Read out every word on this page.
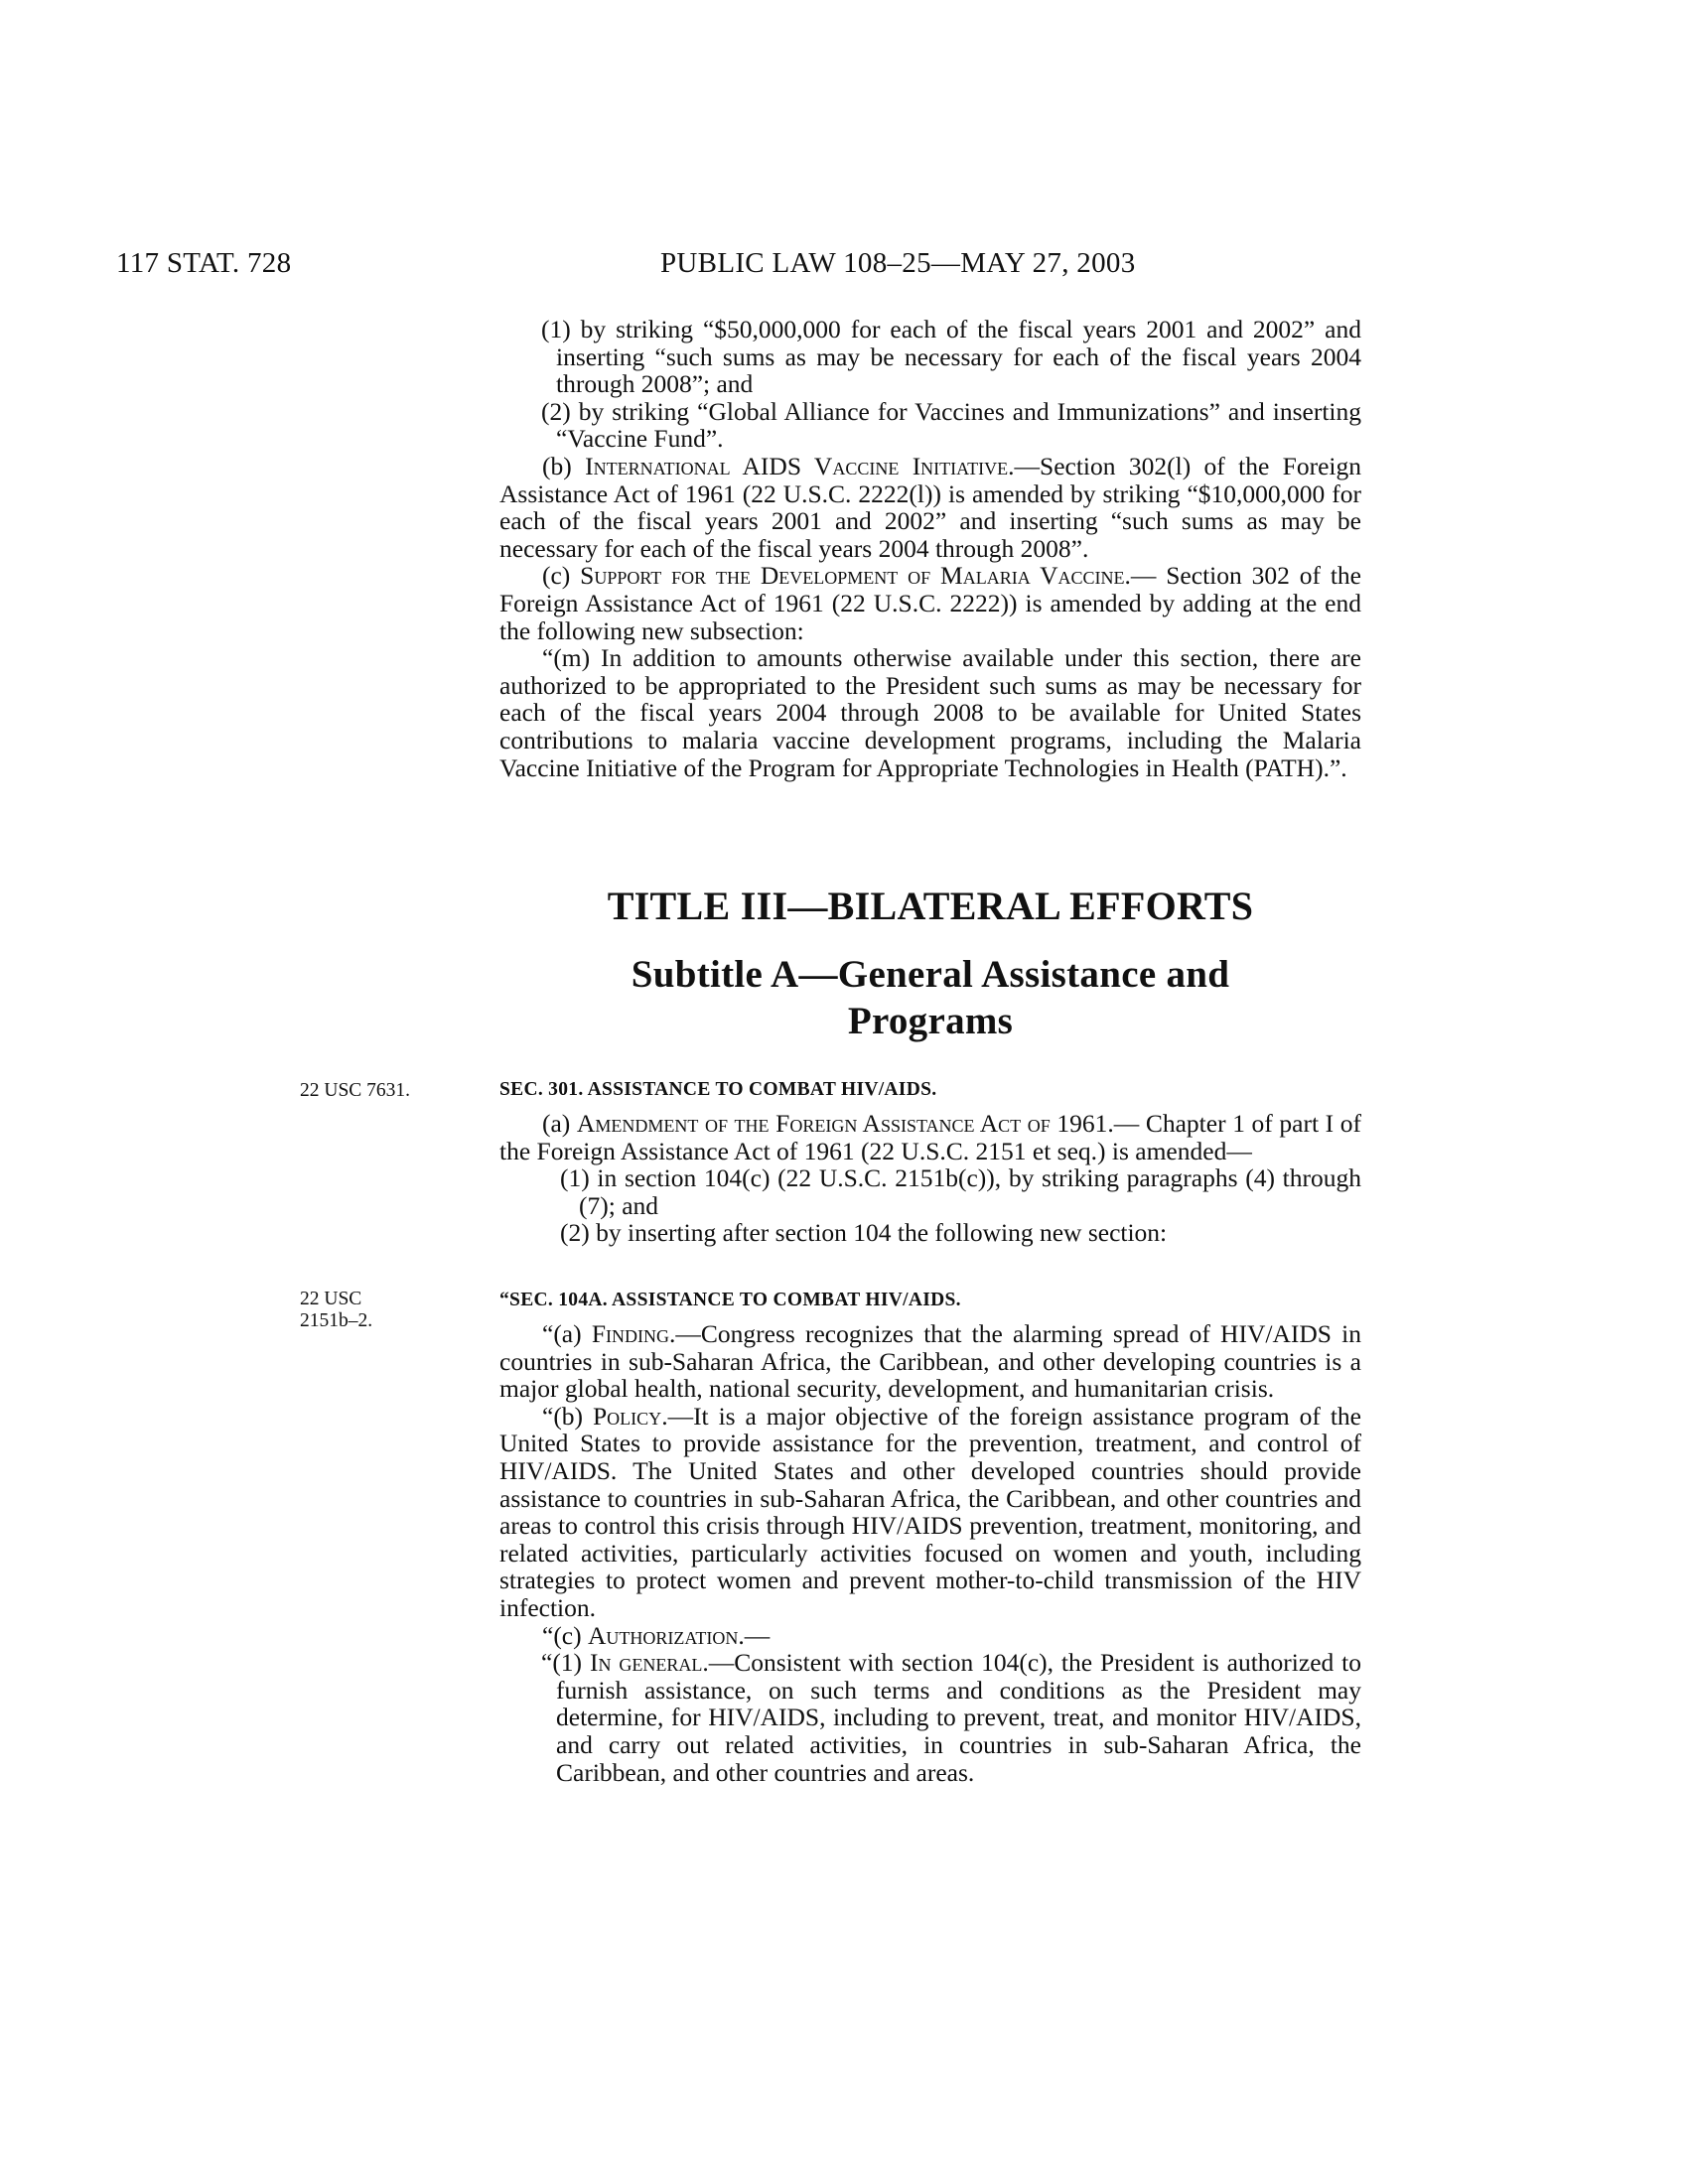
117 STAT. 728	PUBLIC LAW 108–25—MAY 27, 2003

(1) by striking “$50,000,000 for each of the fiscal years 2001 and 2002” and inserting “such sums as may be necessary for each of the fiscal years 2004 through 2008”; and

(2) by striking “Global Alliance for Vaccines and Immunizations” and inserting “Vaccine Fund”.

(b) International AIDS Vaccine Initiative.—Section 302(l) of the Foreign Assistance Act of 1961 (22 U.S.C. 2222(l)) is amended by striking “$10,000,000 for each of the fiscal years 2001 and 2002” and inserting “such sums as may be necessary for each of the fiscal years 2004 through 2008”.

(c) Support for the Development of Malaria Vaccine.— Section 302 of the Foreign Assistance Act of 1961 (22 U.S.C. 2222)) is amended by adding at the end the following new subsection:

“(m) In addition to amounts otherwise available under this section, there are authorized to be appropriated to the President such sums as may be necessary for each of the fiscal years 2004 through 2008 to be available for United States contributions to malaria vaccine development programs, including the Malaria Vaccine Initiative of the Program for Appropriate Technologies in Health (PATH).”.

TITLE III—BILATERAL EFFORTS
Subtitle A—General Assistance and
Programs
22 USC 7631.	SEC. 301. ASSISTANCE TO COMBAT HIV/AIDS.

(a) Amendment of the Foreign Assistance Act of 1961.— Chapter 1 of part I of the Foreign Assistance Act of 1961 (22 U.S.C. 2151 et seq.) is amended—

(1) in section 104(c) (22 U.S.C. 2151b(c)), by striking paragraphs (4) through (7); and

(2) by inserting after section 104 the following new section:

22 USC
2151b–2.
“SEC. 104A. ASSISTANCE TO COMBAT HIV/AIDS.

“(a) Finding.—Congress recognizes that the alarming spread of HIV/AIDS in countries in sub-Saharan Africa, the Caribbean, and other developing countries is a major global health, national security, development, and humanitarian crisis.

“(b) Policy.—It is a major objective of the foreign assistance program of the United States to provide assistance for the prevention, treatment, and control of HIV/AIDS. The United States and other developed countries should provide assistance to countries in sub-Saharan Africa, the Caribbean, and other countries and areas to control this crisis through HIV/AIDS prevention, treatment, monitoring, and related activities, particularly activities focused on women and youth, including strategies to protect women and prevent mother-to-child transmission of the HIV infection.

“(c) Authorization.—

“(1) In general.—Consistent with section 104(c), the President is authorized to furnish assistance, on such terms and conditions as the President may determine, for HIV/AIDS, including to prevent, treat, and monitor HIV/AIDS, and carry out related activities, in countries in sub-Saharan Africa, the Caribbean, and other countries and areas.
